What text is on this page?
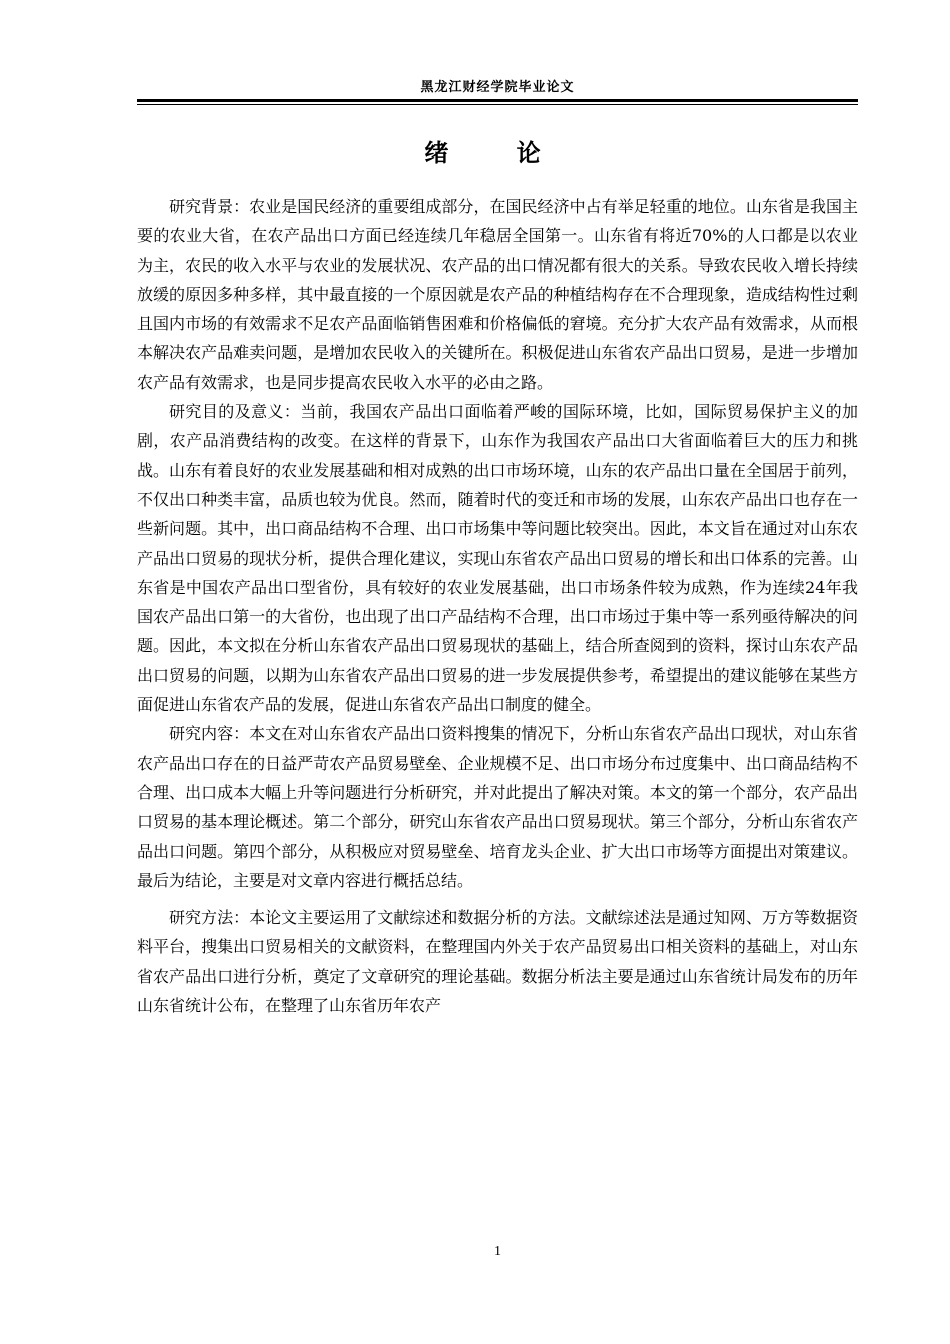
黑龙江财经学院毕业论文
绪 论

研究背景：农业是国民经济的重要组成部分，在国民经济中占有举足轻重的地位。山东省是我国主要的农业大省，在农产品出口方面已经连续几年稳居全国第一。山东省有将近70%的人口都是以农业为主，农民的收入水平与农业的发展状况、农产品的出口情况都有很大的关系。导致农民收入增长持续放缓的原因多种多样，其中最直接的一个原因就是农产品的种植结构存在不合理现象，造成结构性过剩且国内市场的有效需求不足农产品面临销售困难和价格偏低的窘境。充分扩大农产品有效需求，从而根本解决农产品难卖问题，是增加农民收入的关键所在。积极促进山东省农产品出口贸易，是进一步增加农产品有效需求，也是同步提高农民收入水平的必由之路。

研究目的及意义：当前，我国农产品出口面临着严峻的国际环境，比如，国际贸易保护主义的加剧，农产品消费结构的改变。在这样的背景下，山东作为我国农产品出口大省面临着巨大的压力和挑战。山东有着良好的农业发展基础和相对成熟的出口市场环境，山东的农产品出口量在全国居于前列，不仅出口种类丰富，品质也较为优良。然而，随着时代的变迁和市场的发展，山东农产品出口也存在一些新问题。其中，出口商品结构不合理、出口市场集中等问题比较突出。因此，本文旨在通过对山东农产品出口贸易的现状分析，提供合理化建议，实现山东省农产品出口贸易的增长和出口体系的完善。山东省是中国农产品出口型省份，具有较好的农业发展基础，出口市场条件较为成熟，作为连续24年我国农产品出口第一的大省份，也出现了出口产品结构不合理，出口市场过于集中等一系列亟待解决的问题。因此，本文拟在分析山东省农产品出口贸易现状的基础上，结合所查阅到的资料，探讨山东农产品出口贸易的问题，以期为山东省农产品出口贸易的进一步发展提供参考，希望提出的建议能够在某些方面促进山东省农产品的发展，促进山东省农产品出口制度的健全。

研究内容：本文在对山东省农产品出口资料搜集的情况下，分析山东省农产品出口现状，对山东省农产品出口存在的日益严苛农产品贸易壁垒、企业规模不足、出口市场分布过度集中、出口商品结构不合理、出口成本大幅上升等问题进行分析研究，并对此提出了解决对策。本文的第一个部分，农产品出口贸易的基本理论概述。第二个部分，研究山东省农产品出口贸易现状。第三个部分，分析山东省农产品出口问题。第四个部分，从积极应对贸易壁垒、培育龙头企业、扩大出口市场等方面提出对策建议。最后为结论，主要是对文章内容进行概括总结。

研究方法：本论文主要运用了文献综述和数据分析的方法。文献综述法是通过知网、万方等数据资料平台，搜集出口贸易相关的文献资料，在整理国内外关于农产品贸易出口相关资料的基础上，对山东省农产品出口进行分析，奠定了文章研究的理论基础。数据分析法主要是通过山东省统计局发布的历年山东省统计公布，在整理了山东省历年农产

1
